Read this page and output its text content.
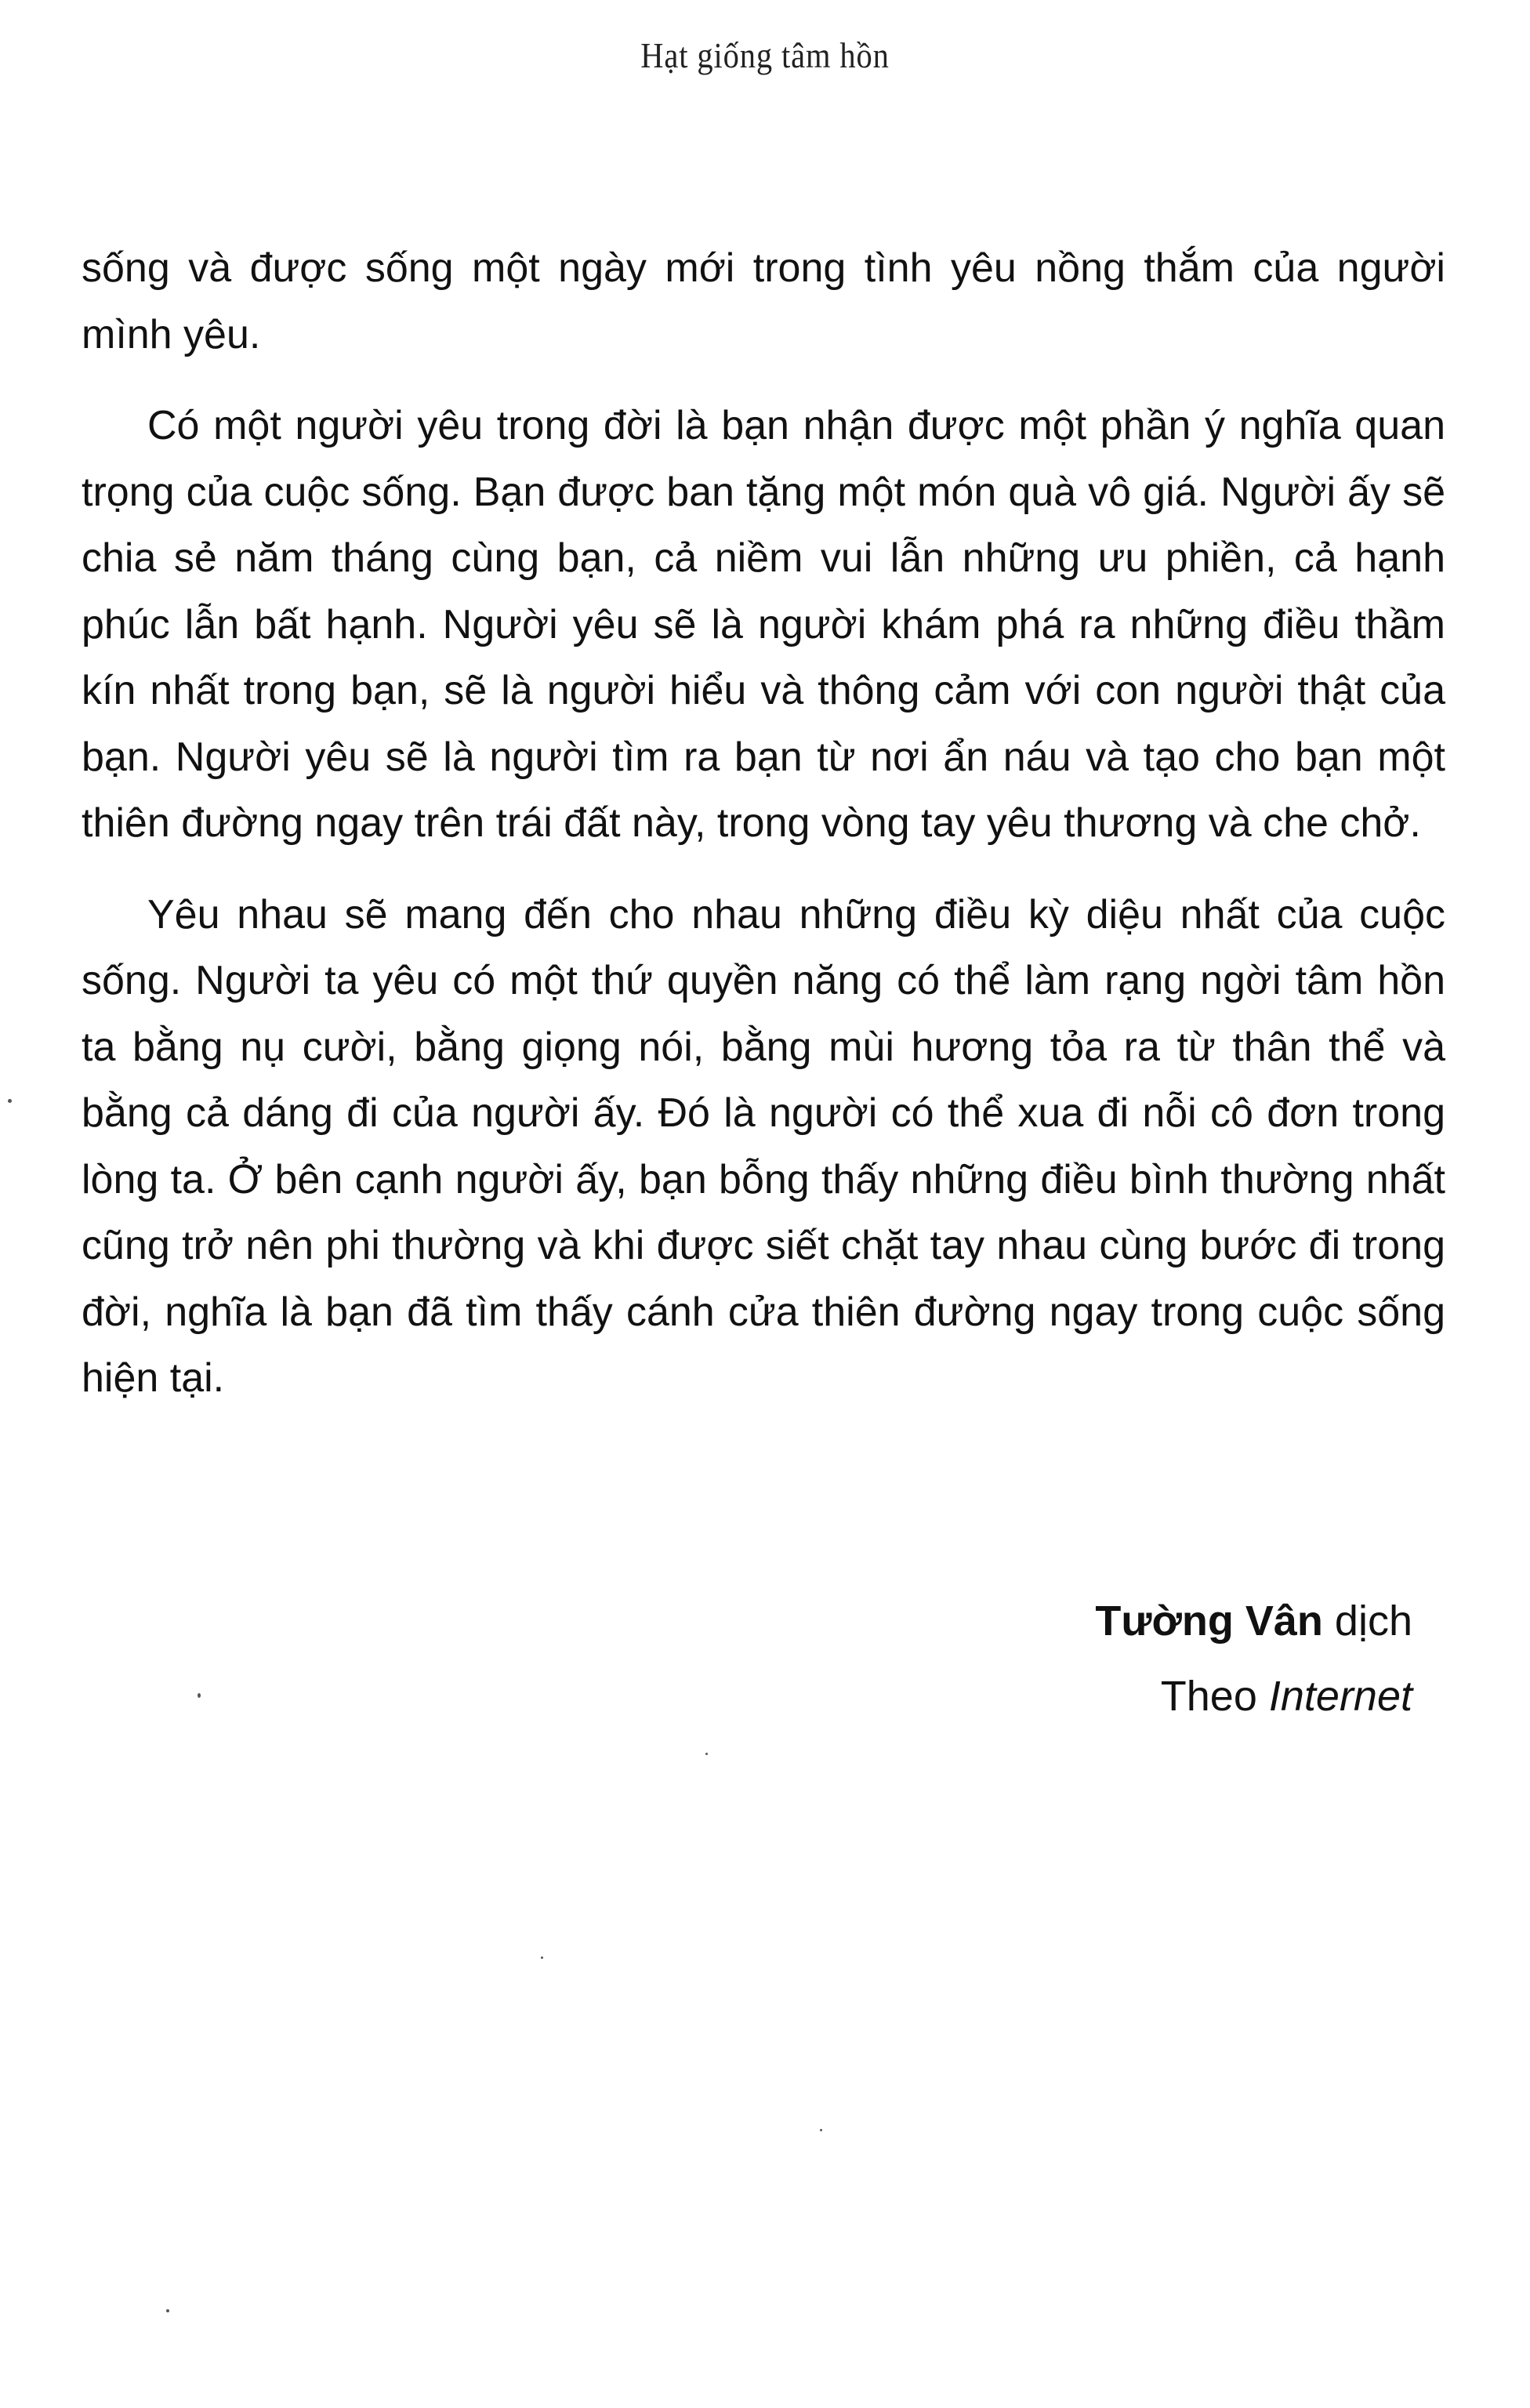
Hạt giống tâm hồn

sống và được sống một ngày mới trong tình yêu nồng thắm của người mình yêu.

Có một người yêu trong đời là bạn nhận được một phần ý nghĩa quan trọng của cuộc sống. Bạn được ban tặng một món quà vô giá. Người ấy sẽ chia sẻ năm tháng cùng bạn, cả niềm vui lẫn những ưu phiền, cả hạnh phúc lẫn bất hạnh. Người yêu sẽ là người khám phá ra những điều thầm kín nhất trong bạn, sẽ là người hiểu và thông cảm với con người thật của bạn. Người yêu sẽ là người tìm ra bạn từ nơi ẩn náu và tạo cho bạn một thiên đường ngay trên trái đất này, trong vòng tay yêu thương và che chở.

Yêu nhau sẽ mang đến cho nhau những điều kỳ diệu nhất của cuộc sống. Người ta yêu có một thứ quyền năng có thể làm rạng ngời tâm hồn ta bằng nụ cười, bằng giọng nói, bằng mùi hương tỏa ra từ thân thể và bằng cả dáng đi của người ấy. Đó là người có thể xua đi nỗi cô đơn trong lòng ta. Ở bên cạnh người ấy, bạn bỗng thấy những điều bình thường nhất cũng trở nên phi thường và khi được siết chặt tay nhau cùng bước đi trong đời, nghĩa là bạn đã tìm thấy cánh cửa thiên đường ngay trong cuộc sống hiện tại.

Tường Vân dịch
Theo Internet
